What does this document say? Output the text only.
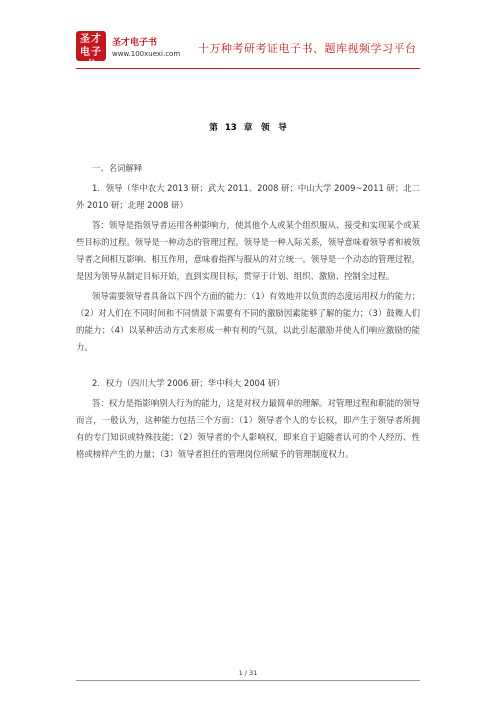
圣才
电子书
圣才电子书
www.100xuexi.com 十万种考研考证电子书、题库视频学习平台
第 13 章　领　导
一、名词解释

1．领导（华中农大 2013 研；武大 2011、2008 研；中山大学 2009~2011 研；北二外 2010 研；北理 2008 研）

答：领导是指领导者运用各种影响力，使其他个人或某个组织服从、接受和实现某个或某些目标的过程。领导是一种动态的管理过程。领导是一种人际关系，领导意味着领导者和被领导者之间相互影响、相互作用，意味着指挥与服从的对立统一。领导是一个动态的管理过程，是因为领导从制定目标开始，直到实现目标，贯穿于计划、组织、激励、控制全过程。

领导需要领导者具备以下四个方面的能力：（1）有效地并以负责的态度运用权力的能力；（2）对人们在不同时间和不同情景下需要有不同的激励因素能够了解的能力；（3）鼓舞人们的能力；（4）以某种活动方式来形成一种有利的气氛，以此引起激励并使人们响应激励的能力。

2．权力（四川大学 2006 研；华中科大 2004 研）

答：权力是指影响别人行为的能力，这是对权力最简单的理解。对管理过程和职能的领导而言，一般认为，这种能力包括三个方面：（1）领导者个人的专长权，即产生于领导者所拥有的专门知识或特殊技能；（2）领导者的个人影响权，即来自于追随者认可的个人经历、性格或榜样产生的力量；（3）领导者担任的管理岗位所赋予的管理制度权力。

1 / 31
